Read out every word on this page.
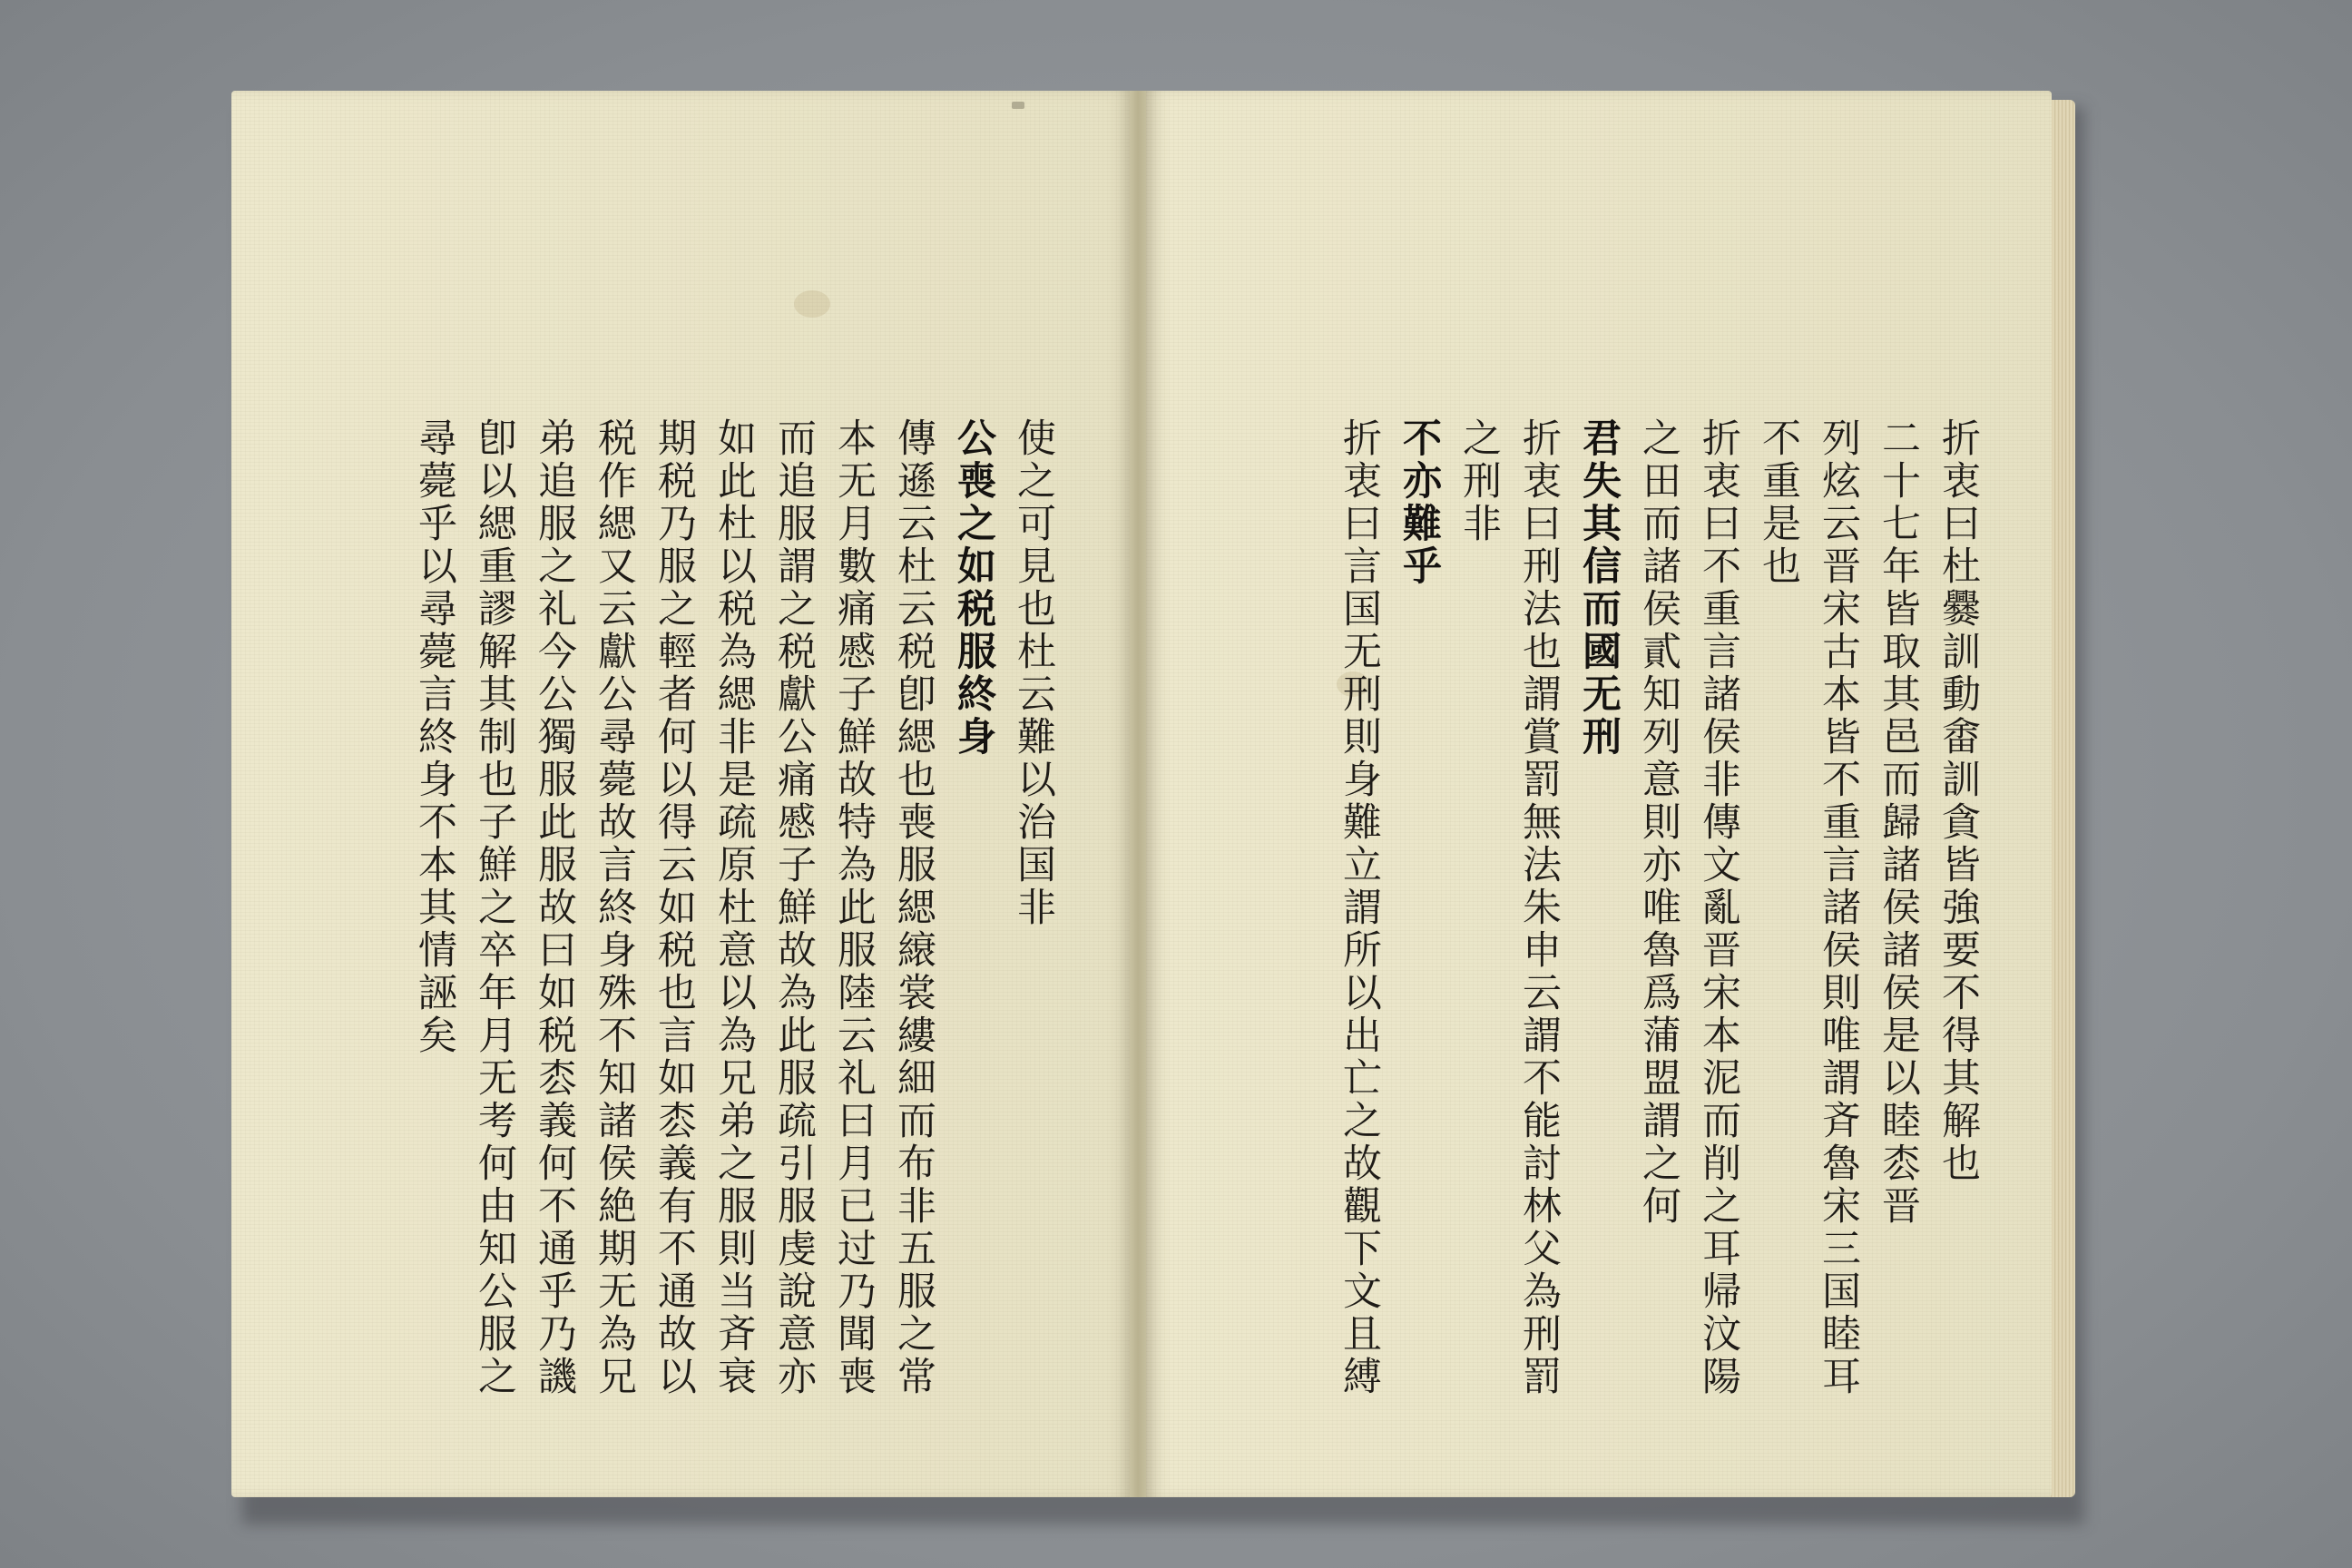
使之可見也杜云難以治国非
公喪之如税服終身
傳遜云杜云税卽緦也喪服緦縗裳縷細而布非五服之常
本无月數痛慼子鮮故特為此服陸云礼曰月已过乃聞喪
而追服謂之税獻公痛慼子鮮故為此服疏引服虔說意亦
如此杜以税為緦非是疏原杜意以為兄弟之服則当斉衰
期税乃服之輕者何以得云如税也言如枩義有不通故以
税作緦又云獻公尋薨故言終身殊不知諸侯絶期无為兄
弟追服之礼今公獨服此服故曰如税枩義何不通乎乃譏
卽以緦重謬解其制也子鮮之卒年月无考何由知公服之
尋薨乎以尋薨言終身不本其情誣矣	折衷曰杜爨訓動畬訓貪皆強要不得其解也
二十七年皆取其邑而歸諸侯諸侯是以睦枩晋
列炫云晋宋古本皆不重言諸侯則唯謂斉魯宋三国睦耳
不重是也
折衷曰不重言諸侯非傳文亂晋宋本泥而削之耳帰汶陽
之田而諸侯貳知列意則亦唯魯爲蒲盟謂之何
君失其信而國无刑
折衷曰刑法也謂賞罰無法朱申云謂不能討林父為刑罰
之刑非
不亦難乎
折衷曰言国无刑則身難立謂所以出亡之故觀下文且縛
